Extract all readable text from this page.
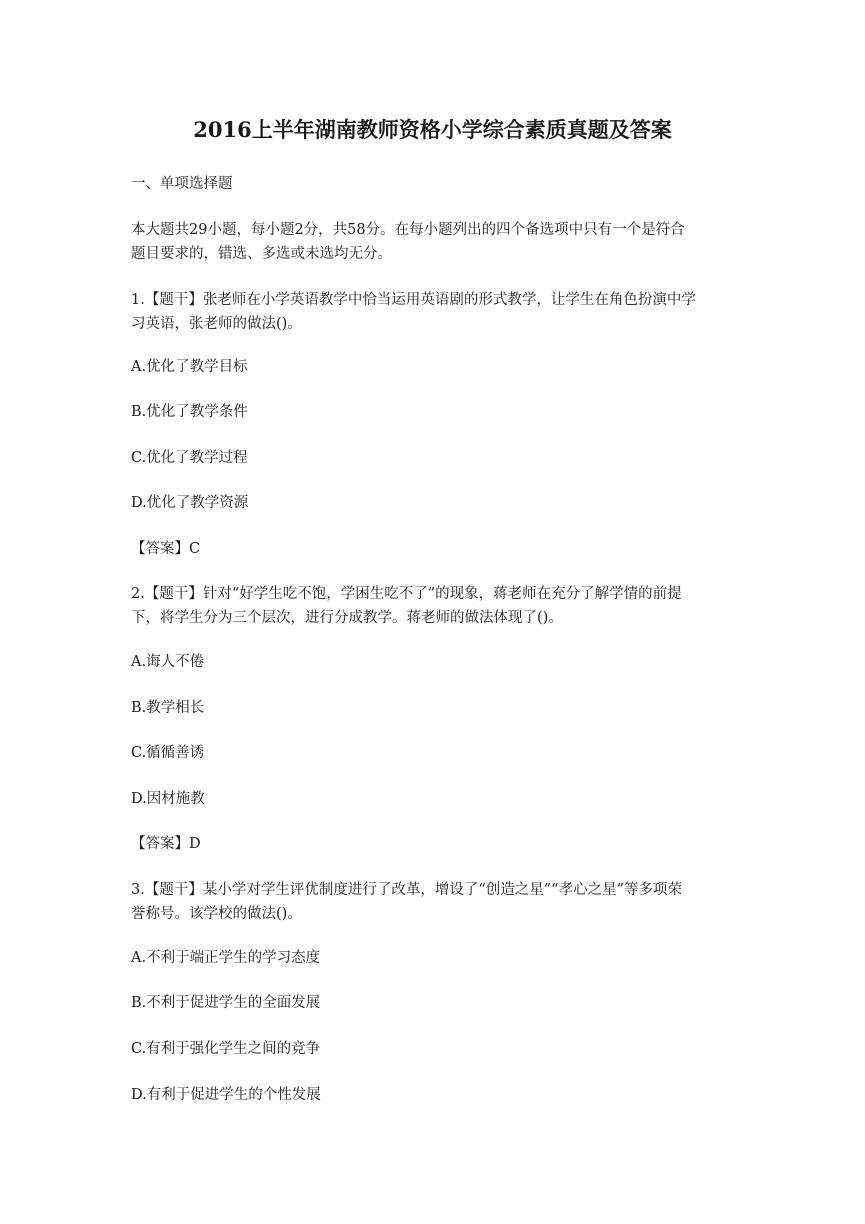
2016上半年湖南教师资格小学综合素质真题及答案

一、单项选择题

本大题共29小题，每小题2分，共58分。在每小题列出的四个备选项中只有一个是符合

题目要求的，错选、多选或未选均无分。

1.【题干】张老师在小学英语教学中恰当运用英语剧的形式教学，让学生在角色扮演中学

习英语，张老师的做法()。

A.优化了教学目标

B.优化了教学条件

C.优化了教学过程

D.优化了教学资源

【答案】C

2.【题干】针对“好学生吃不饱，学困生吃不了”的现象，蒋老师在充分了解学情的前提

下，将学生分为三个层次，进行分成教学。蒋老师的做法体现了()。

A.诲人不倦

B.教学相长

C.循循善诱

D.因材施教

【答案】D

3.【题干】某小学对学生评优制度进行了改革，增设了“创造之星”“孝心之星”等多项荣

誉称号。该学校的做法()。

A.不利于端正学生的学习态度

B.不利于促进学生的全面发展

C.有利于强化学生之间的竞争

D.有利于促进学生的个性发展
